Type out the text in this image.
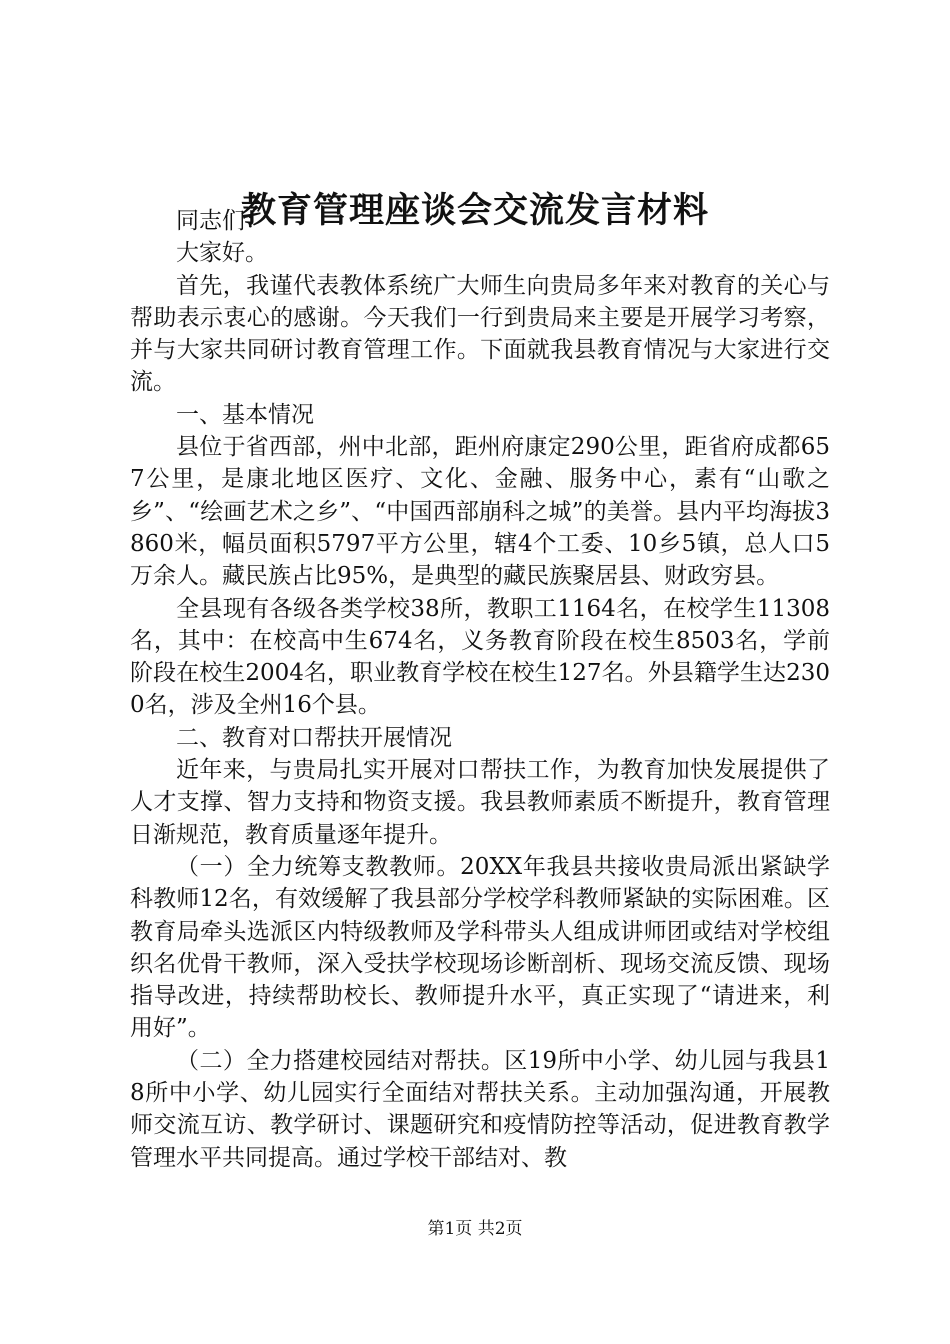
教育管理座谈会交流发言材料

同志们：

大家好。

首先，我谨代表教体系统广大师生向贵局多年来对教育的关心与帮助表示衷心的感谢。今天我们一行到贵局来主要是开展学习考察，并与大家共同研讨教育管理工作。下面就我县教育情况与大家进行交流。

一、基本情况

县位于省西部，州中北部，距州府康定290公里，距省府成都657公里，是康北地区医疗、文化、金融、服务中心，素有“山歌之乡”、“绘画艺术之乡”、“中国西部崩科之城”的美誉。县内平均海拔3860米，幅员面积5797平方公里，辖4个工委、10乡5镇，总人口5万余人。藏民族占比95%，是典型的藏民族聚居县、财政穷县。

全县现有各级各类学校38所，教职工1164名，在校学生11308名，其中：在校高中生674名，义务教育阶段在校生8503名，学前阶段在校生2004名，职业教育学校在校生127名。外县籍学生达2300名，涉及全州16个县。

二、教育对口帮扶开展情况

近年来，与贵局扎实开展对口帮扶工作，为教育加快发展提供了人才支撑、智力支持和物资支援。我县教师素质不断提升，教育管理日渐规范，教育质量逐年提升。

（一）全力统筹支教教师。20XX年我县共接收贵局派出紧缺学科教师12名，有效缓解了我县部分学校学科教师紧缺的实际困难。区教育局牵头选派区内特级教师及学科带头人组成讲师团或结对学校组织名优骨干教师，深入受扶学校现场诊断剖析、现场交流反馈、现场指导改进，持续帮助校长、教师提升水平，真正实现了“请进来，利用好”。

（二）全力搭建校园结对帮扶。区19所中小学、幼儿园与我县18所中小学、幼儿园实行全面结对帮扶关系。主动加强沟通，开展教师交流互访、教学研讨、课题研究和疫情防控等活动，促进教育教学管理水平共同提高。通过学校干部结对、教

第1页 共2页
